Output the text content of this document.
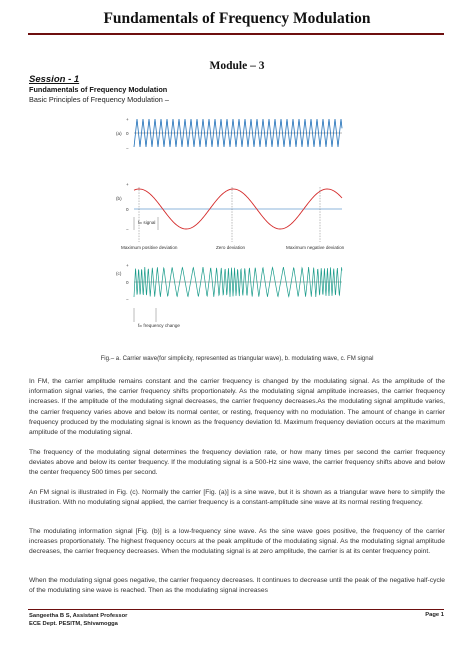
Fundamentals of Frequency Modulation
Module – 3
Session - 1
Fundamentals of Frequency Modulation
Basic Principles of Frequency Modulation –
(a)
+
0
−
(b)
+
0
−
fₘ signal
Maximum positive deviation	Zero deviation	Maximum negative deviation
(c)
+
0
−
fₘ frequency change
Fig.– a. Carrier wave(for simplicity, represented as triangular wave), b. modulating wave, c. FM signal

In FM, the carrier amplitude remains constant and the carrier frequency is changed by the modulating signal. As the amplitude of the information signal varies, the carrier frequency shifts proportionately. As the modulating signal amplitude increases, the carrier frequency increases. If the amplitude of the modulating signal decreases, the carrier frequency decreases.As the modulating signal amplitude varies, the carrier frequency varies above and below its normal center, or resting, frequency with no modulation. The amount of change in carrier frequency produced by the modulating signal is known as the frequency deviation fd. Maximum frequency deviation occurs at the maximum amplitude of the modulating signal.

The frequency of the modulating signal determines the frequency deviation rate, or how many times per second the carrier frequency deviates above and below its center frequency. If the modulating signal is a 500-Hz sine wave, the carrier frequency shifts above and below the center frequency 500 times per second.

An FM signal is illustrated in Fig. (c). Normally the carrier [Fig. (a)] is a sine wave, but it is shown as a triangular wave here to simplify the illustration. With no modulating signal applied, the carrier frequency is a constant-amplitude sine wave at its normal resting frequency.

The modulating information signal [Fig. (b)] is a low-frequency sine wave. As the sine wave goes positive, the frequency of the carrier increases proportionately. The highest frequency occurs at the peak amplitude of the modulating signal. As the modulating signal amplitude decreases, the carrier frequency decreases. When the modulating signal is at zero amplitude, the carrier is at its center frequency point.

When the modulating signal goes negative, the carrier frequency decreases. It continues to decrease until the peak of the negative half-cycle of the modulating sine wave is reached. Then as the modulating signal increases

Sangeetha B S, Assistant Professor
ECE Dept. PESITM, Shivamogga
Page 1
